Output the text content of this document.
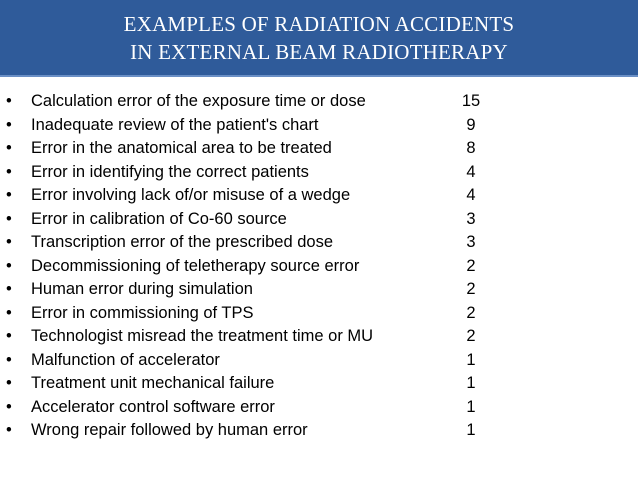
EXAMPLES OF RADIATION ACCIDENTS
IN EXTERNAL BEAM RADIOTHERAPY
• Calculation error of the exposure time or dose	15
• Inadequate review of the patient's chart	9
• Error in the anatomical area to be treated	8
• Error in identifying the correct patients	4
• Error involving lack of/or misuse of a wedge	4
• Error in calibration of Co-60 source	3
• Transcription error of the prescribed dose	3
• Decommissioning of teletherapy source error	2
• Human error during simulation	2
• Error in commissioning of TPS	2
• Technologist misread the treatment time or MU	2
• Malfunction of accelerator	1
• Treatment unit mechanical failure	1
• Accelerator control software error	1
• Wrong repair followed by human error	1
